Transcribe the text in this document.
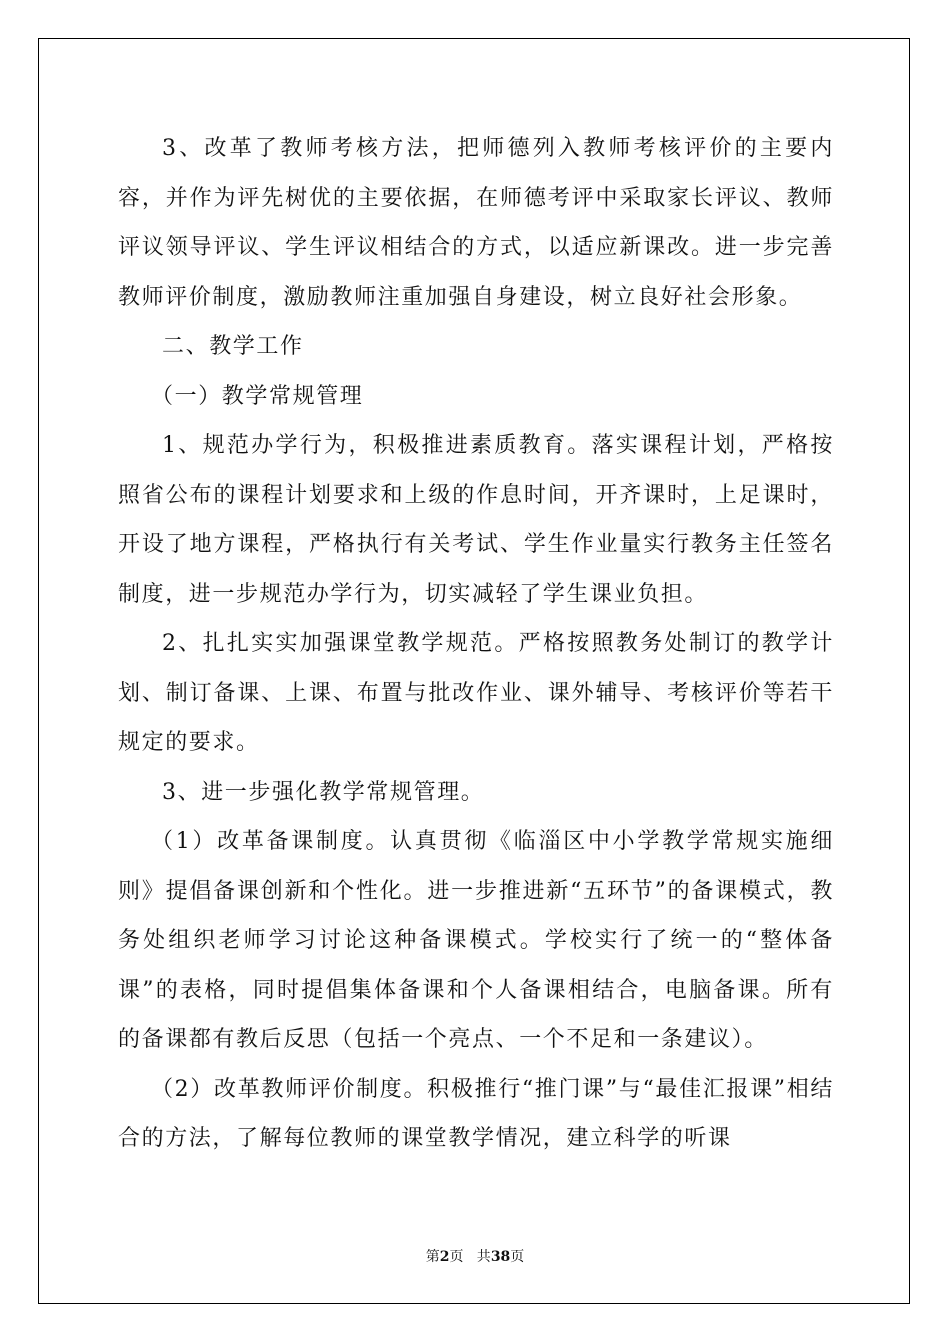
3、改革了教师考核方法，把师德列入教师考核评价的主要内容，并作为评先树优的主要依据，在师德考评中采取家长评议、教师评议领导评议、学生评议相结合的方式，以适应新课改。进一步完善教师评价制度，激励教师注重加强自身建设，树立良好社会形象。

二、教学工作

（一）教学常规管理

1、规范办学行为，积极推进素质教育。落实课程计划，严格按照省公布的课程计划要求和上级的作息时间，开齐课时，上足课时，开设了地方课程，严格执行有关考试、学生作业量实行教务主任签名制度，进一步规范办学行为，切实减轻了学生课业负担。

2、扎扎实实加强课堂教学规范。严格按照教务处制订的教学计划、制订备课、上课、布置与批改作业、课外辅导、考核评价等若干规定的要求。

3、进一步强化教学常规管理。

（1）改革备课制度。认真贯彻《临淄区中小学教学常规实施细则》提倡备课创新和个性化。进一步推进新“五环节”的备课模式，教务处组织老师学习讨论这种备课模式。学校实行了统一的“整体备课”的表格，同时提倡集体备课和个人备课相结合，电脑备课。所有的备课都有教后反思（包括一个亮点、一个不足和一条建议）。

（2）改革教师评价制度。积极推行“推门课”与“最佳汇报课”相结合的方法，了解每位教师的课堂教学情况，建立科学的听课

第2页   共38页
